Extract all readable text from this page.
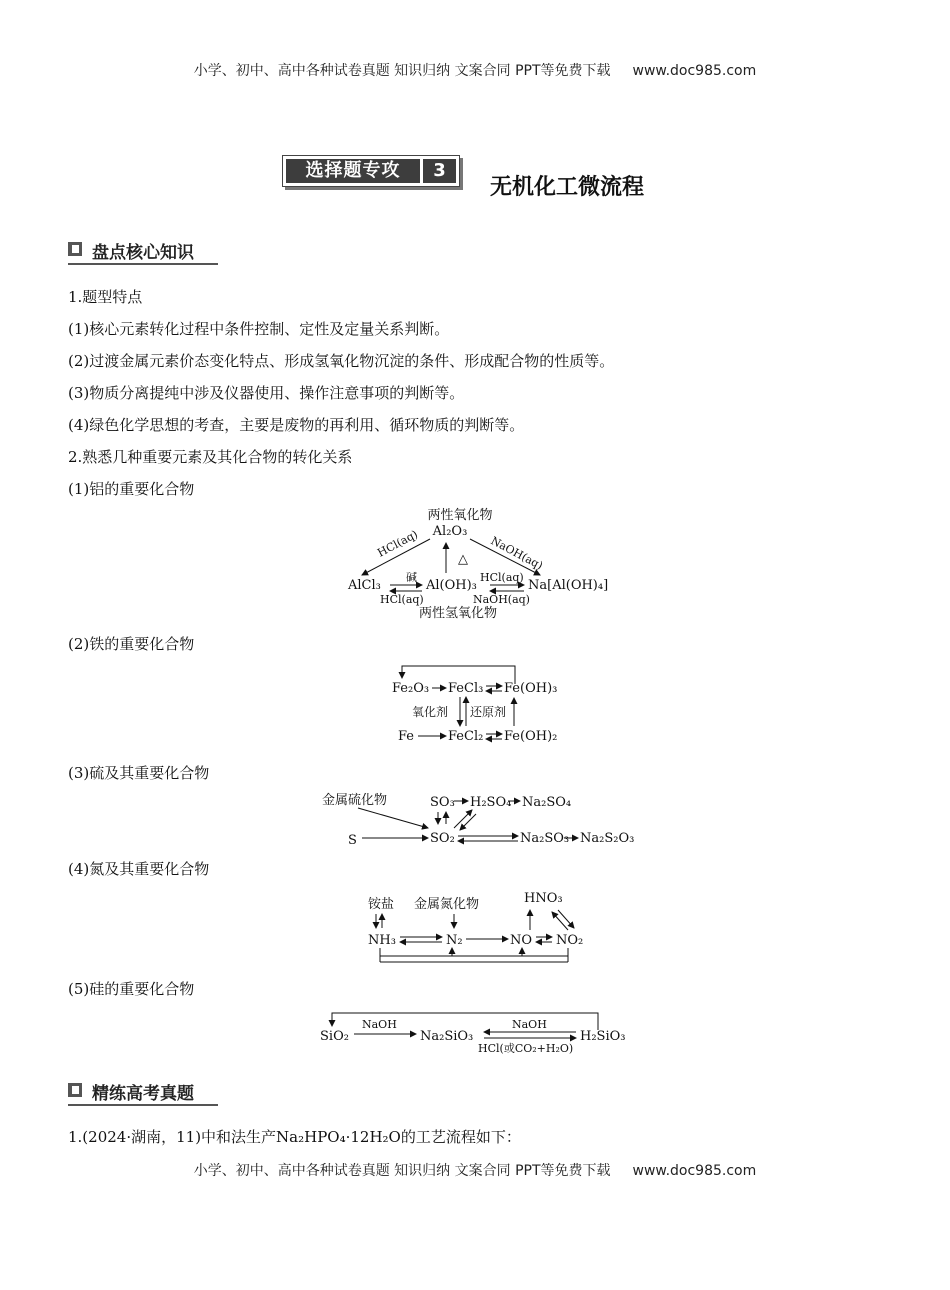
小学、初中、高中各种试卷真题 知识归纳 文案合同 PPT等免费下载 www.doc985.com
选择题专攻	3
无机化工微流程
盘点核心知识
1.题型特点
(1)核心元素转化过程中条件控制、定性及定量关系判断。
(2)过渡金属元素价态变化特点、形成氢氧化物沉淀的条件、形成配合物的性质等。
(3)物质分离提纯中涉及仪器使用、操作注意事项的判断等。
(4)绿色化学思想的考查，主要是废物的再利用、循环物质的判断等。
2.熟悉几种重要元素及其化合物的转化关系
(1)铝的重要化合物
两性氧化物
Al₂O₃
HCl(aq)	NaOH(aq)
△
AlCl₃
碱
HCl(aq)
Al(OH)₃
HCl(aq)
NaOH(aq)
Na[Al(OH)₄]
两性氢氧化物
(2)铁的重要化合物
Fe₂O₃ FeCl₃ Fe(OH)₃
氧化剂 还原剂
Fe	FeCl₂ Fe(OH)₂
(3)硫及其重要化合物
金属硫化物	SO₃ H₂SO₄ Na₂SO₄
S	SO₂	Na₂SO₃ Na₂S₂O₃
(4)氮及其重要化合物
铵盐 金属氮化物	HNO₃
NH₃	N₂	NO NO₂
(5)硅的重要化合物
SiO₂
NaOH
Na₂SiO₃
NaOH
HCl(或CO₂+H₂O)
H₂SiO₃
精练高考真题
1.(2024·湖南，11)中和法生产Na₂HPO₄·12H₂O的工艺流程如下：
小学、初中、高中各种试卷真题 知识归纳 文案合同 PPT等免费下载 www.doc985.com
